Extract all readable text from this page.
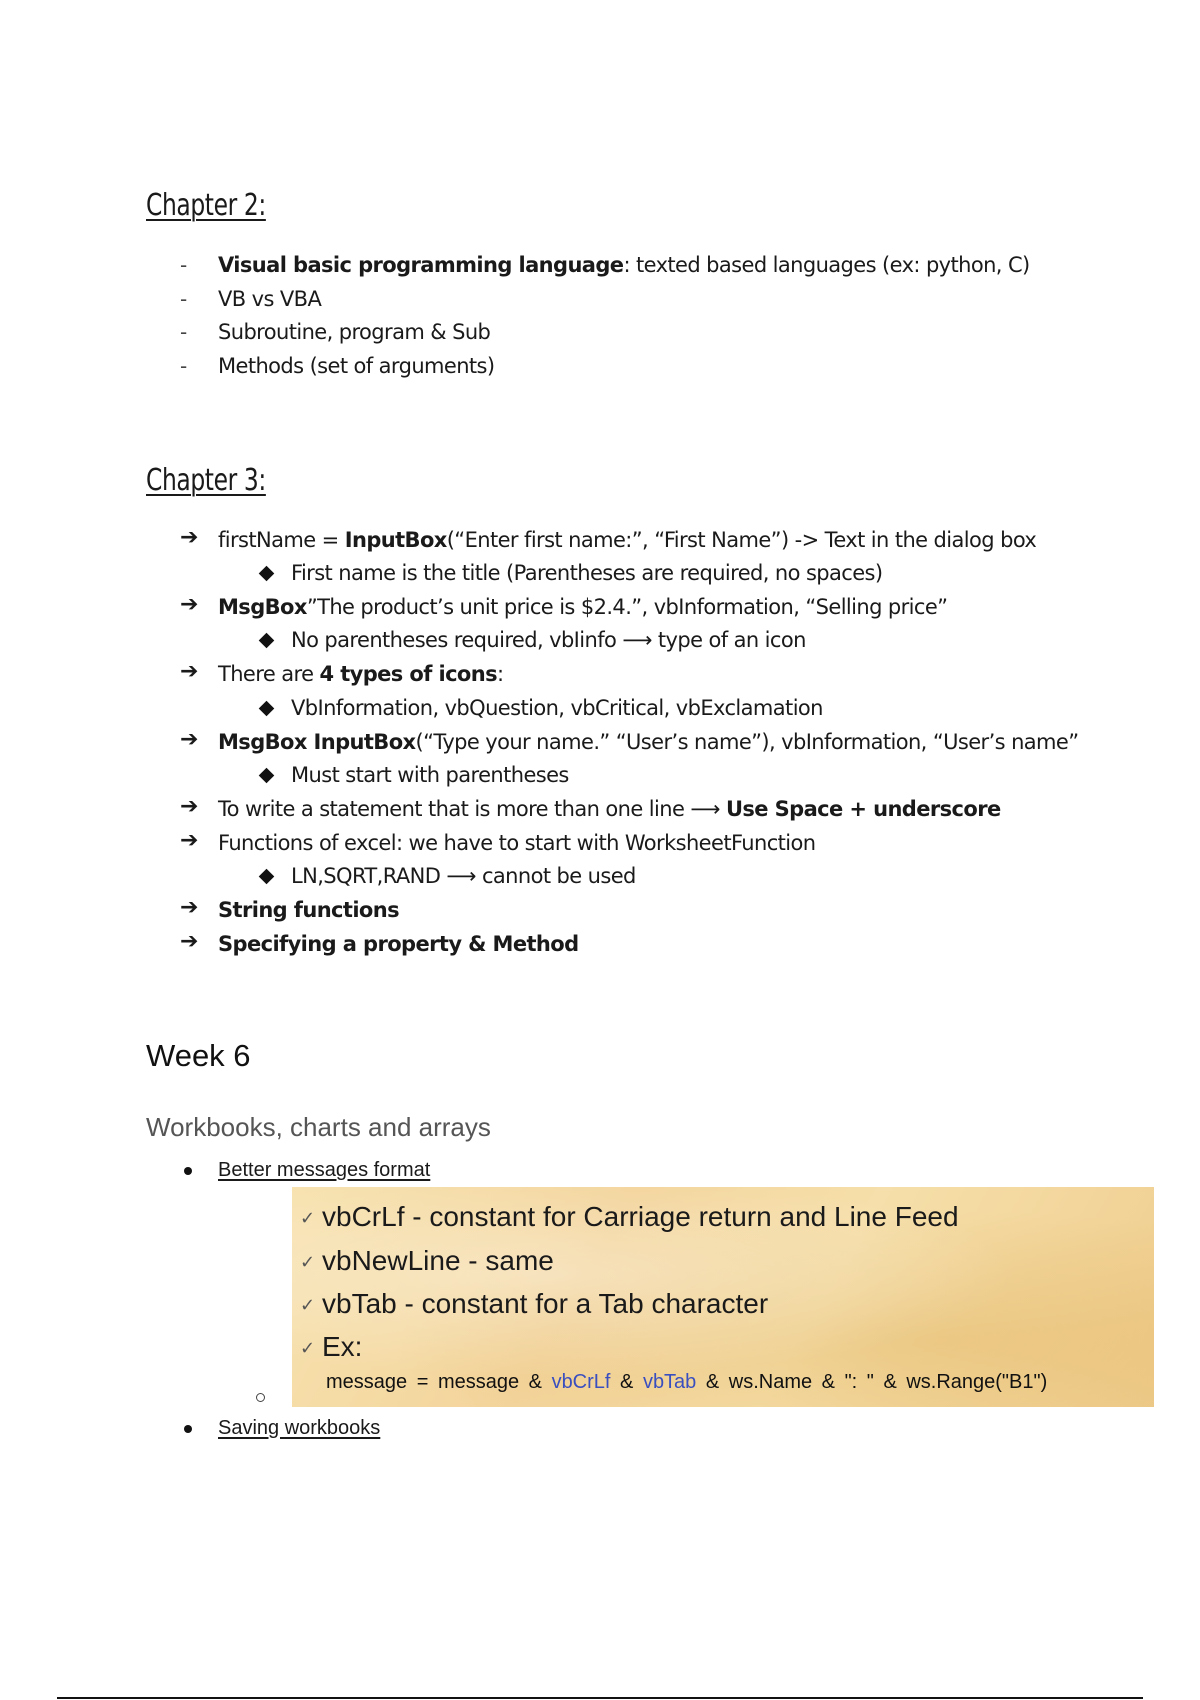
Chapter 2:
- Visual basic programming language: texted based languages (ex: python, C)
- VB vs VBA
- Subroutine, program & Sub
- Methods (set of arguments)
Chapter 3:
➔ firstName = InputBox(“Enter first name:”, “First Name”) -> Text in the dialog box
First name is the title (Parentheses are required, no spaces)
➔ MsgBox”The product’s unit price is $2.4.”, vbInformation, “Selling price”
No parentheses required, vbIinfo ⟶ type of an icon
➔ There are 4 types of icons:
VbInformation, vbQuestion, vbCritical, vbExclamation
➔ MsgBox InputBox(“Type your name.” “User’s name”), vbInformation, “User’s name”
Must start with parentheses
➔ To write a statement that is more than one line ⟶ Use Space + underscore
➔ Functions of excel: we have to start with WorksheetFunction
LN,SQRT,RAND ⟶ cannot be used
➔ String functions
➔ Specifying a property & Method
Week 6
Workbooks, charts and arrays
Better messages format
✓ vbCrLf - constant for Carriage return and Line Feed
✓ vbNewLine - same
✓ vbTab - constant for a Tab character
✓ Ex:
message = message & vbCrLf & vbTab & ws.Name & ": " & ws.Range("B1")
Saving workbooks
